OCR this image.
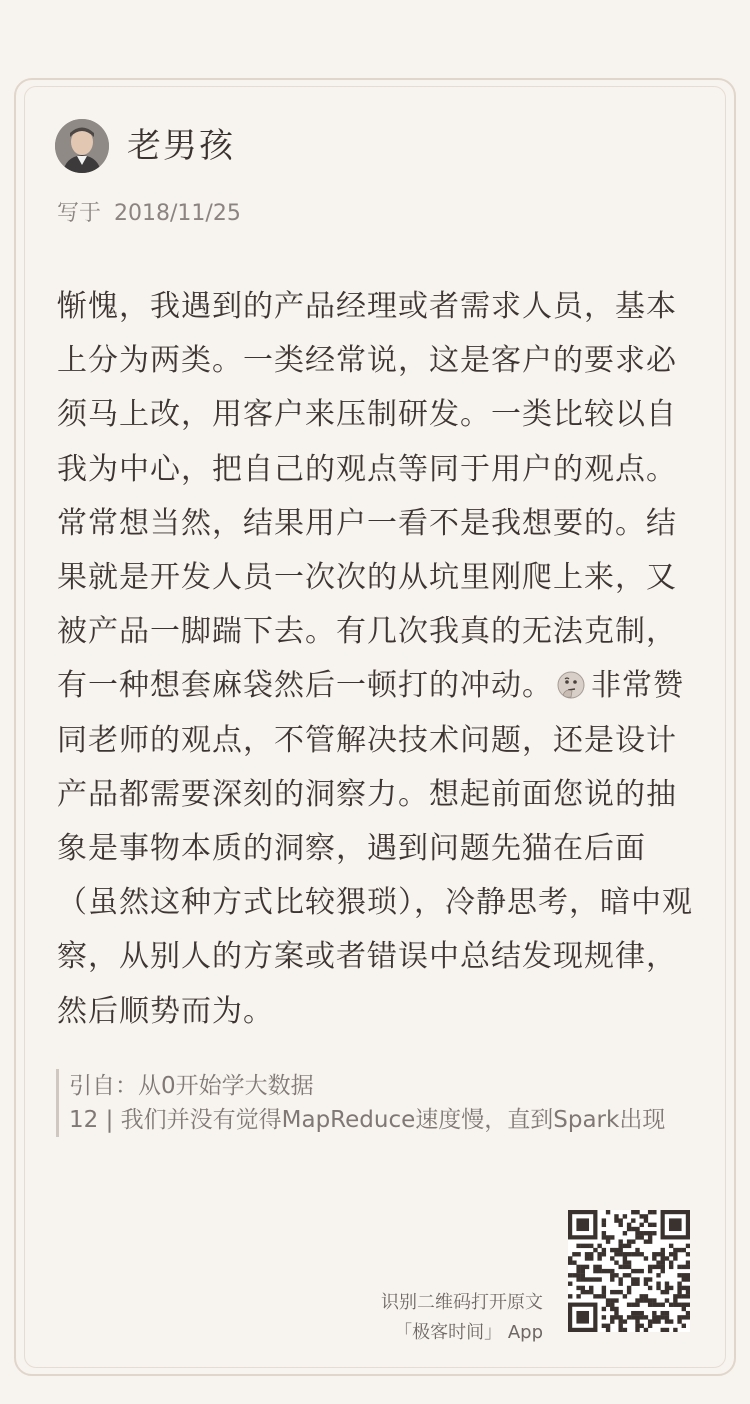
老男孩
写于 2018/11/25

惭愧，我遇到的产品经理或者需求人员，基本上分为两类。一类经常说，这是客户的要求必须马上改，用客户来压制研发。一类比较以自我为中心，把自己的观点等同于用户的观点。常常想当然，结果用户一看不是我想要的。结果就是开发人员一次次的从坑里刚爬上来，又被产品一脚踹下去。有几次我真的无法克制，有一种想套麻袋然后一顿打的冲动。 非常赞同老师的观点，不管解决技术问题，还是设计产品都需要深刻的洞察力。想起前面您说的抽象是事物本质的洞察，遇到问题先猫在后面（虽然这种方式比较猥琐），冷静思考，暗中观察，从别人的方案或者错误中总结发现规律，然后顺势而为。

引自：从0开始学大数据
12 | 我们并没有觉得MapReduce速度慢，直到Spark出现
识别二维码打开原文
「极客时间」 App
